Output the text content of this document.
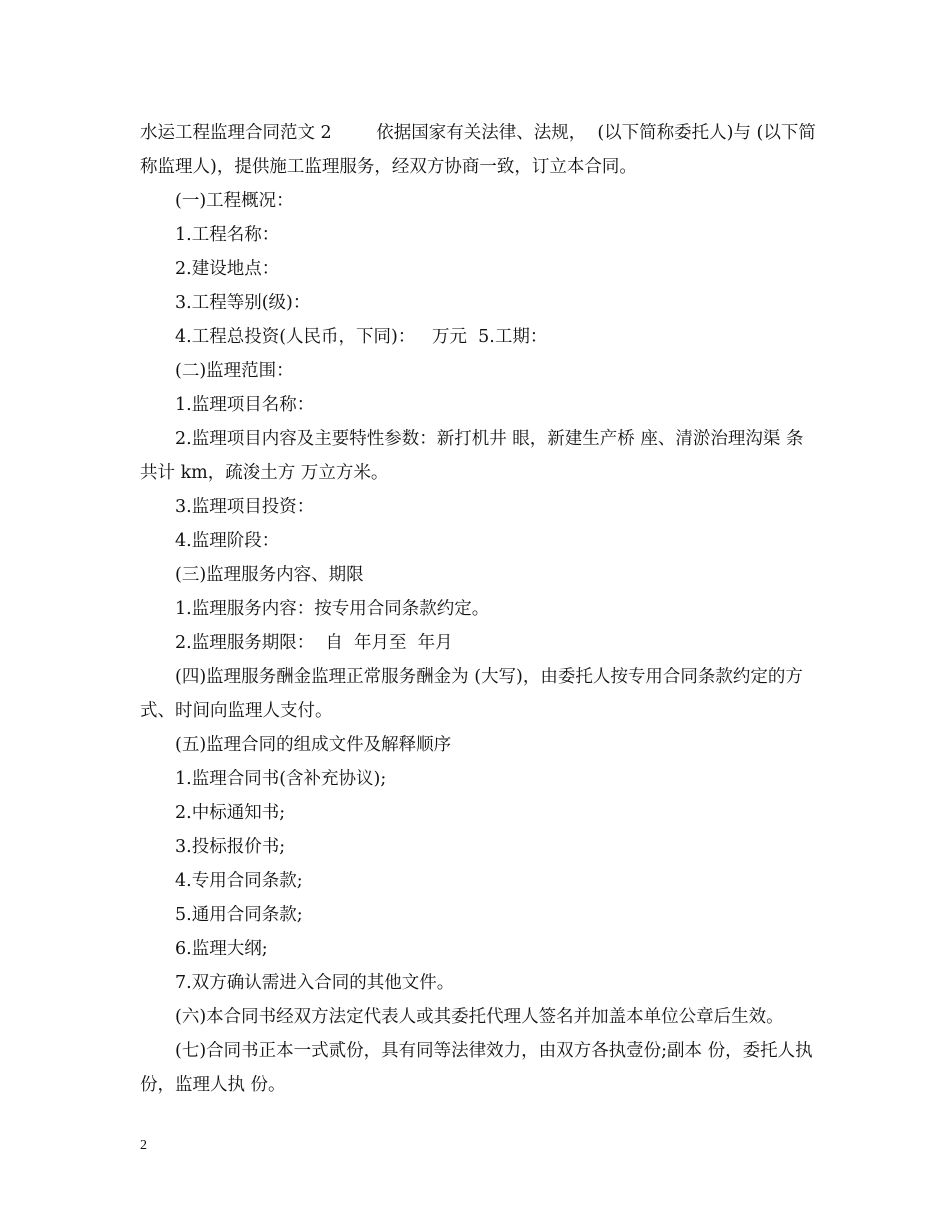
水运工程监理合同范文 2        依据国家有关法律、法规，  (以下简称委托人)与 (以下简称监理人)，提供施工监理服务，经双方协商一致，订立本合同。

(一)工程概况：

1.工程名称：

2.建设地点：

3.工程等别(级)：

4.工程总投资(人民币，下同)：   万元  5.工期：

(二)监理范围：

1.监理项目名称：

2.监理项目内容及主要特性参数：新打机井 眼，新建生产桥 座、清淤治理沟渠 条共计 km，疏浚土方 万立方米。

3.监理项目投资：

4.监理阶段：

(三)监理服务内容、期限

1.监理服务内容：按专用合同条款约定。

2.监理服务期限：  自  年月至  年月

(四)监理服务酬金监理正常服务酬金为 (大写)，由委托人按专用合同条款约定的方式、时间向监理人支付。

(五)监理合同的组成文件及解释顺序

1.监理合同书(含补充协议);

2.中标通知书;

3.投标报价书;

4.专用合同条款;

5.通用合同条款;

6.监理大纲;

7.双方确认需进入合同的其他文件。

(六)本合同书经双方法定代表人或其委托代理人签名并加盖本单位公章后生效。

(七)合同书正本一式贰份，具有同等法律效力，由双方各执壹份;副本 份，委托人执 份，监理人执 份。

2
